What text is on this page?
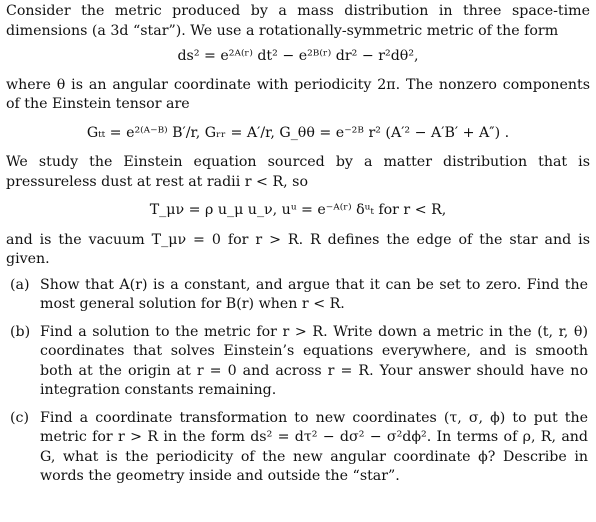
Consider the metric produced by a mass distribution in three space-time dimensions (a 3d “star”). We use a rotationally-symmetric metric of the form

ds² = e²ᴬ⁽ʳ⁾ dt² − e²ᴮ⁽ʳ⁾ dr² − r²dθ²,

where θ is an angular coordinate with periodicity 2π. The nonzero components of the Einstein tensor are

Gₜₜ = e²⁽ᴬ⁻ᴮ⁾ B′/r, Gᵣᵣ = A′/r, G_θθ = e⁻²ᴮ r² (A′² − A′B′ + A″) .

We study the Einstein equation sourced by a matter distribution that is pressureless dust at rest at radii r < R, so

T_μν = ρ u_μ u_ν, uᵘ = e⁻ᴬ⁽ʳ⁾ δᵘₜ for r < R,

and is the vacuum T_μν = 0 for r > R. R defines the edge of the star and is given.

(a) Show that A(r) is a constant, and argue that it can be set to zero. Find the most general solution for B(r) when r < R.
(b) Find a solution to the metric for r > R. Write down a metric in the (t, r, θ) coordinates that solves Einstein’s equations everywhere, and is smooth both at the origin at r = 0 and across r = R. Your answer should have no integration constants remaining.
(c) Find a coordinate transformation to new coordinates (τ, σ, ϕ) to put the metric for r > R in the form ds² = dτ² − dσ² − σ²dϕ². In terms of ρ, R, and G, what is the periodicity of the new angular coordinate ϕ? Describe in words the geometry inside and outside the “star”.
